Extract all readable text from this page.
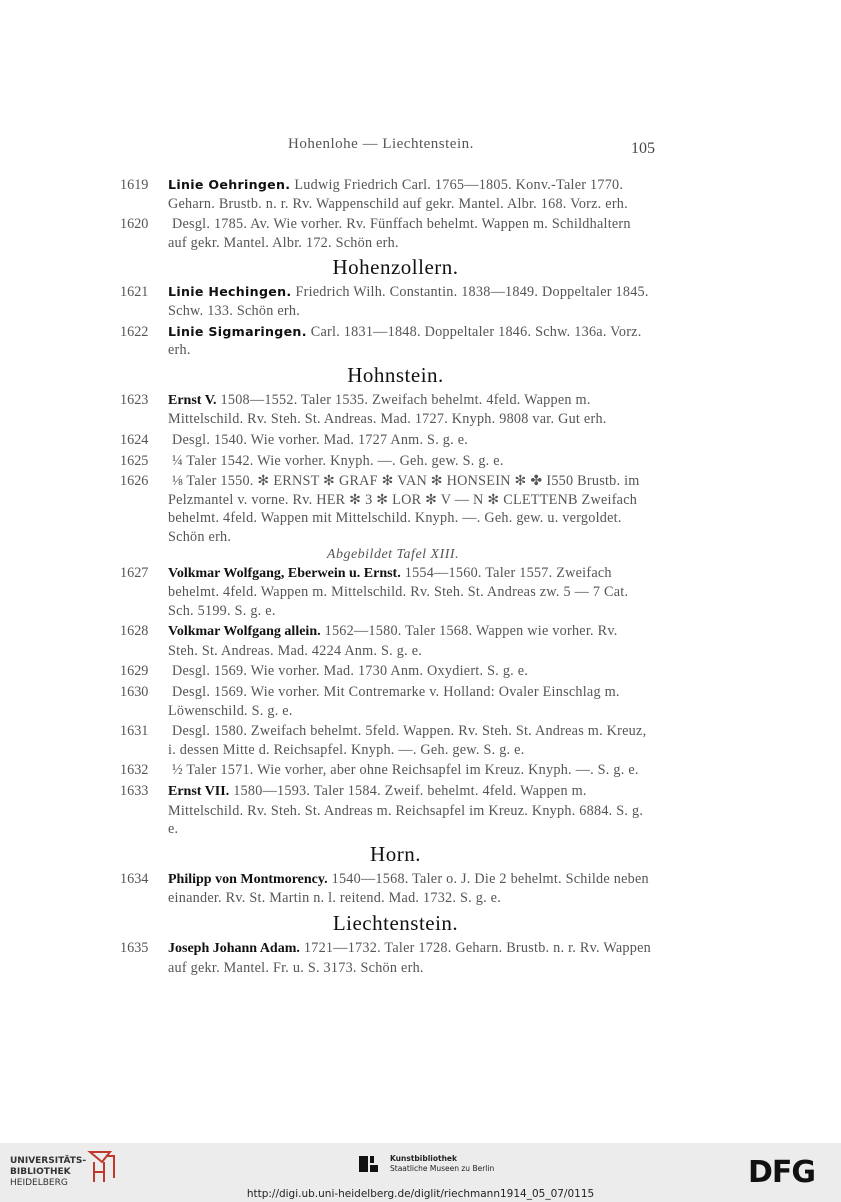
Hohenlohe — Liechtenstein.	105
1619 Linie Oehringen. Ludwig Friedrich Carl. 1765—1805. Konv.-Taler 1770. Geharn. Brustb. n. r. Rv. Wappenschild auf gekr. Mantel. Albr. 168. Vorz. erh.
1620 Desgl. 1785. Av. Wie vorher. Rv. Fünffach behelmt. Wappen m. Schildhaltern auf gekr. Mantel. Albr. 172. Schön erh.
Hohenzollern.
1621 Linie Hechingen. Friedrich Wilh. Constantin. 1838—1849. Doppeltaler 1845. Schw. 133. Schön erh.
1622 Linie Sigmaringen. Carl. 1831—1848. Doppeltaler 1846. Schw. 136a. Vorz. erh.
Hohnstein.
1623 Ernst V. 1508—1552. Taler 1535. Zweifach behelmt. 4feld. Wappen m. Mittelschild. Rv. Steh. St. Andreas. Mad. 1727. Knyph. 9808 var. Gut erh.
1624 Desgl. 1540. Wie vorher. Mad. 1727 Anm. S. g. e.
1625 ¼ Taler 1542. Wie vorher. Knyph. —. Geh. gew. S. g. e.
1626 ⅛ Taler 1550. ✻ ERNST ✻ GRAF ✻ VAN ✻ HONSEIN ✻ ✤ I550 Brustb. im Pelzmantel v. vorne. Rv. HER ✻ 3 ✻ LOR ✻ V — N ✻ CLETTENB Zweifach behelmt. 4feld. Wappen mit Mittelschild. Knyph. —. Geh. gew. u. vergoldet. Schön erh.
Abgebildet Tafel XIII.
1627 Volkmar Wolfgang, Eberwein u. Ernst. 1554—1560. Taler 1557. Zweifach behelmt. 4feld. Wappen m. Mittelschild. Rv. Steh. St. Andreas zw. 5 — 7 Cat. Sch. 5199. S. g. e.
1628 Volkmar Wolfgang allein. 1562—1580. Taler 1568. Wappen wie vorher. Rv. Steh. St. Andreas. Mad. 4224 Anm. S. g. e.
1629 Desgl. 1569. Wie vorher. Mad. 1730 Anm. Oxydiert. S. g. e.
1630 Desgl. 1569. Wie vorher. Mit Contremarke v. Holland: Ovaler Einschlag m. Löwenschild. S. g. e.
1631 Desgl. 1580. Zweifach behelmt. 5feld. Wappen. Rv. Steh. St. Andreas m. Kreuz, i. dessen Mitte d. Reichsapfel. Knyph. —. Geh. gew. S. g. e.
1632 ½ Taler 1571. Wie vorher, aber ohne Reichsapfel im Kreuz. Knyph. —. S. g. e.
1633 Ernst VII. 1580—1593. Taler 1584. Zweif. behelmt. 4feld. Wappen m. Mittelschild. Rv. Steh. St. Andreas m. Reichsapfel im Kreuz. Knyph. 6884. S. g. e.
Horn.
1634 Philipp von Montmorency. 1540—1568. Taler o. J. Die 2 behelmt. Schilde neben einander. Rv. St. Martin n. l. reitend. Mad. 1732. S. g. e.
Liechtenstein.
1635 Joseph Johann Adam. 1721—1732. Taler 1728. Geharn. Brustb. n. r. Rv. Wappen auf gekr. Mantel. Fr. u. S. 3173. Schön erh.
UNIVERSITÄTS-
BIBLIOTHEK
HEIDELBERG
Kunstbibliothek
Staatliche Museen zu Berlin	DFG
http://digi.ub.uni-heidelberg.de/diglit/riechmann1914_05_07/0115
